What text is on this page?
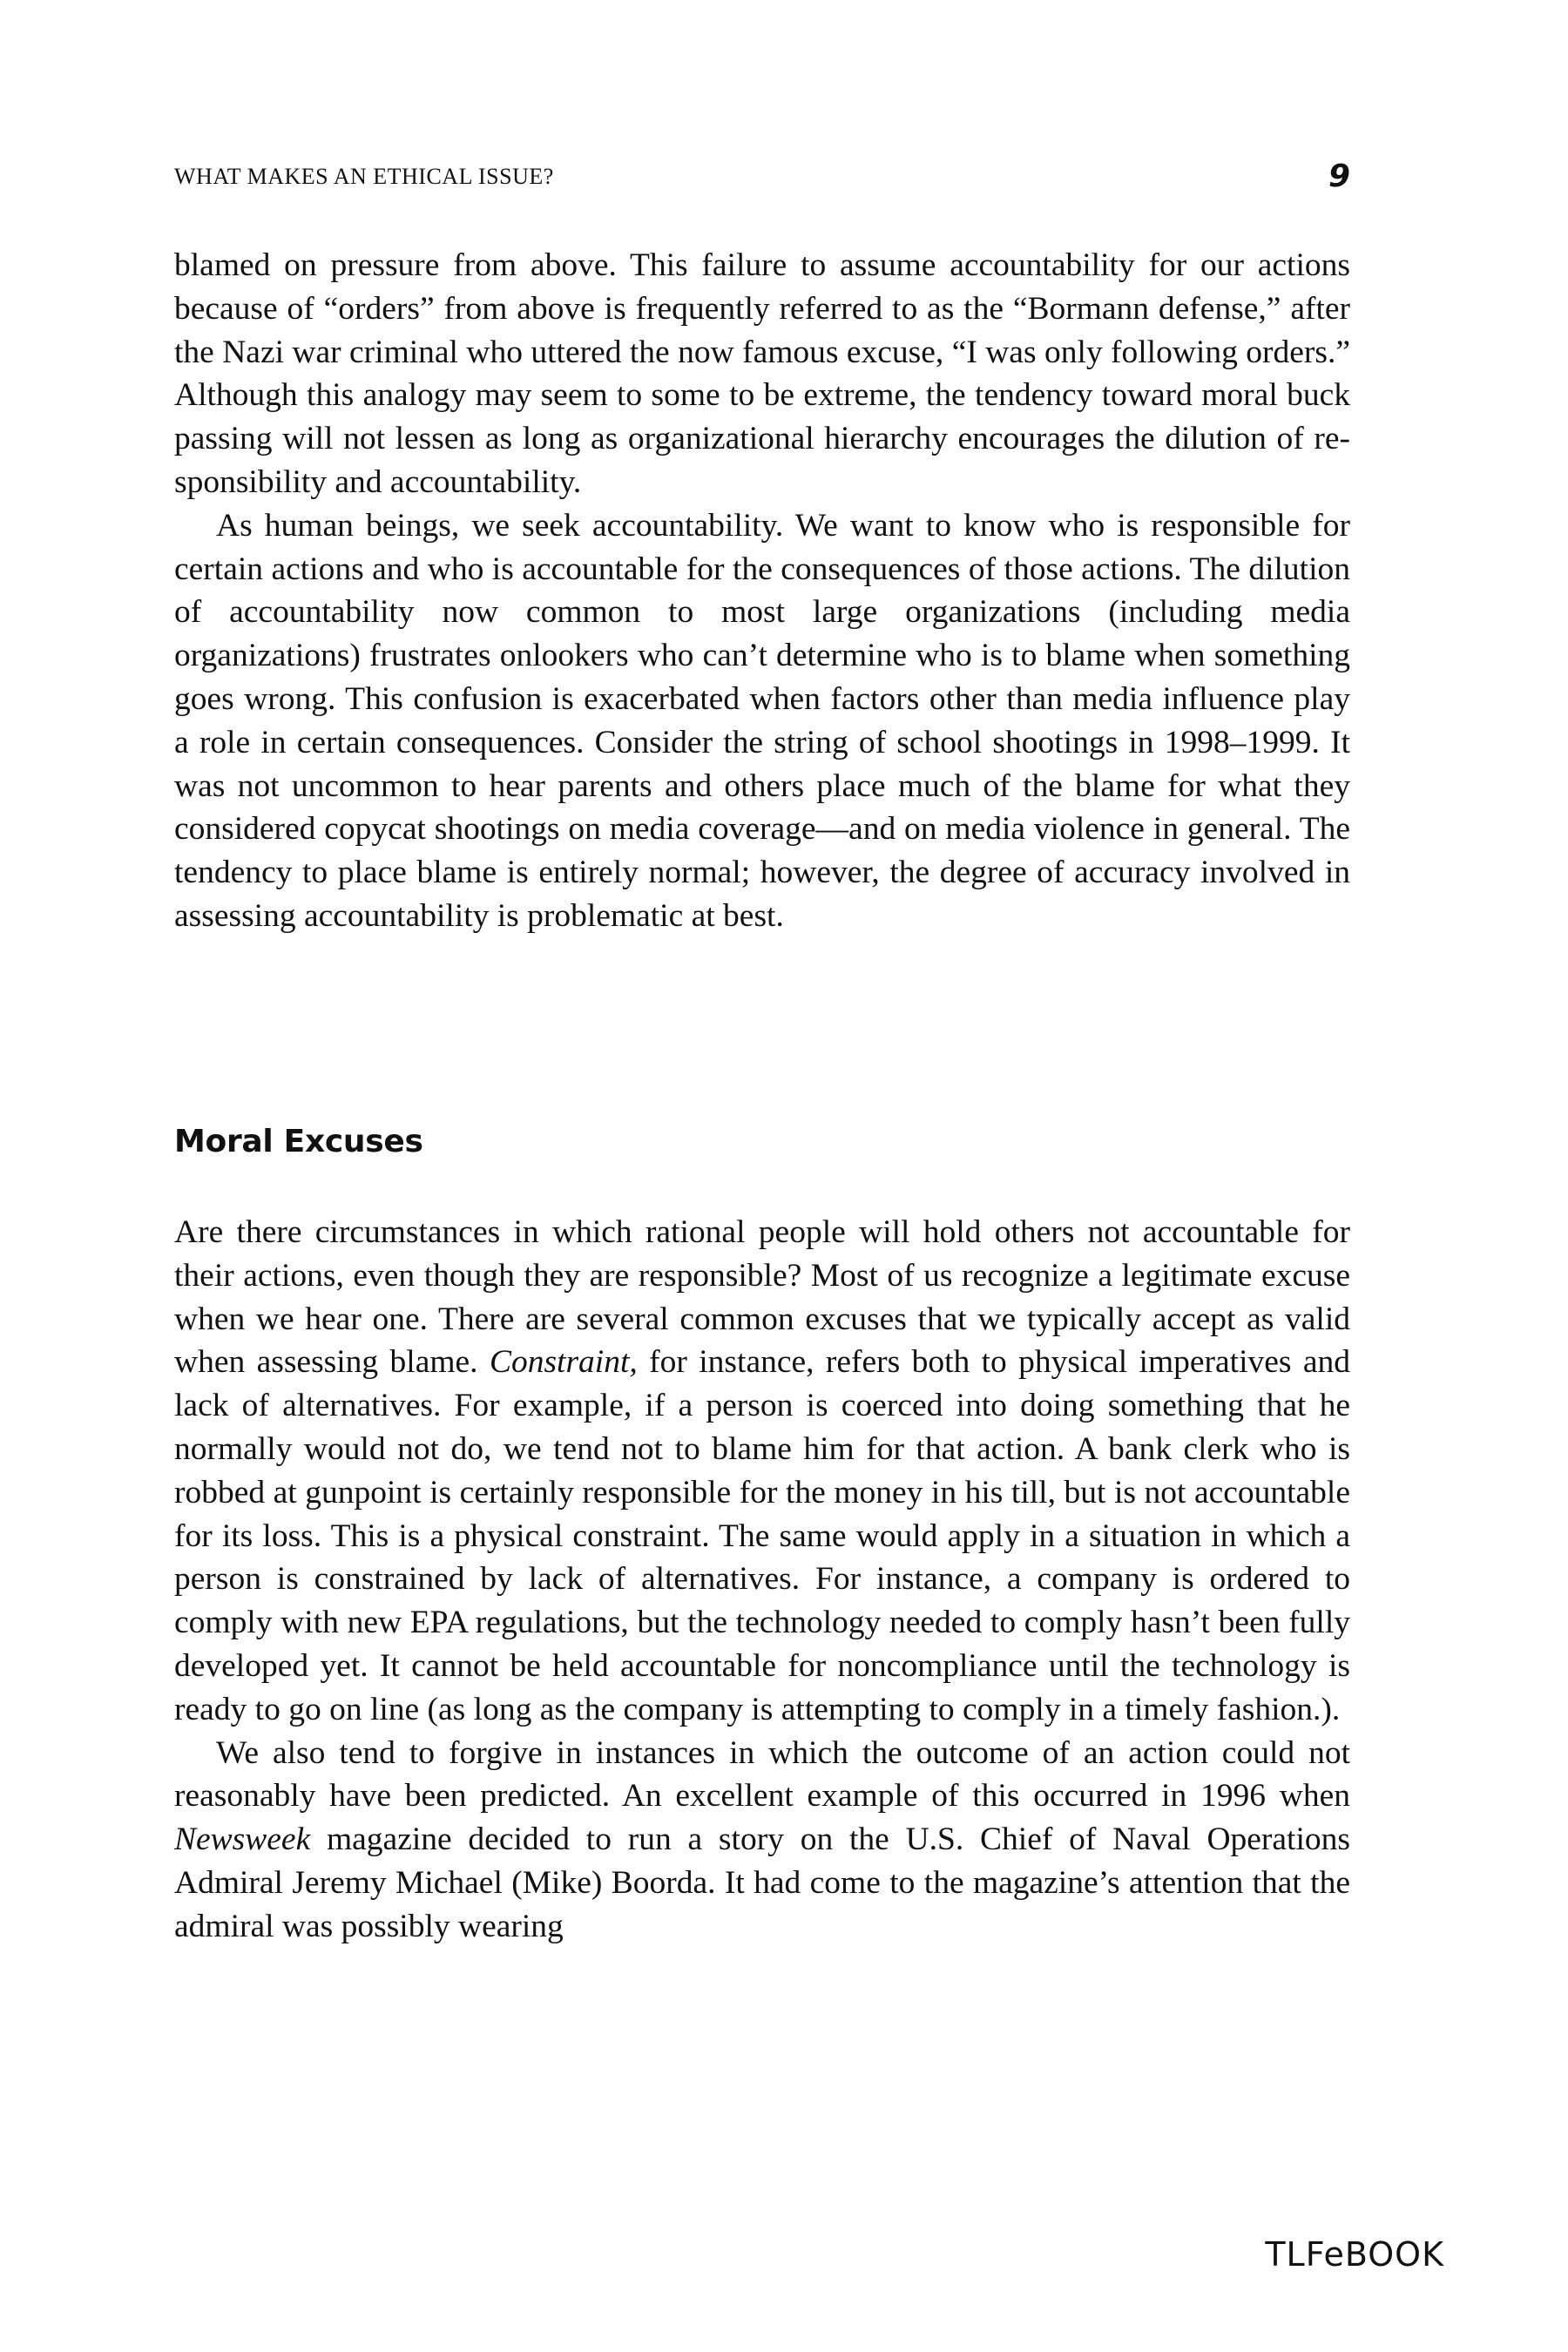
WHAT MAKES AN ETHICAL ISSUE?	9

blamed on pressure from above. This failure to assume accountability for our actions because of “orders” from above is frequently referred to as the “Bormann defense,” after the Nazi war criminal who uttered the now famous excuse, “I was only following orders.” Although this analogy may seem to some to be extreme, the tendency toward moral buck passing will not lessen as long as organizational hierarchy encourages the dilution of responsibility and accountability.

As human beings, we seek accountability. We want to know who is responsible for certain actions and who is accountable for the consequences of those actions. The dilution of accountability now common to most large organizations (including media organizations) frustrates onlookers who can’t determine who is to blame when something goes wrong. This confusion is exacerbated when factors other than media influence play a role in certain consequences. Consider the string of school shootings in 1998–1999. It was not uncommon to hear parents and others place much of the blame for what they considered copycat shootings on media coverage—and on media violence in general. The tendency to place blame is entirely normal; however, the degree of accuracy involved in assessing accountability is problematic at best.

Moral Excuses

Are there circumstances in which rational people will hold others not accountable for their actions, even though they are responsible? Most of us recognize a legitimate excuse when we hear one. There are several common excuses that we typically accept as valid when assessing blame. Constraint, for instance, refers both to physical imperatives and lack of alternatives. For example, if a person is coerced into doing something that he normally would not do, we tend not to blame him for that action. A bank clerk who is robbed at gunpoint is certainly responsible for the money in his till, but is not accountable for its loss. This is a physical constraint. The same would apply in a situation in which a person is constrained by lack of alternatives. For instance, a company is ordered to comply with new EPA regulations, but the technology needed to comply hasn’t been fully developed yet. It cannot be held accountable for noncompliance until the technology is ready to go on line (as long as the company is attempting to comply in a timely fashion.).

We also tend to forgive in instances in which the outcome of an action could not reasonably have been predicted. An excellent example of this occurred in 1996 when Newsweek magazine decided to run a story on the U.S. Chief of Naval Operations Admiral Jeremy Michael (Mike) Boorda. It had come to the magazine’s attention that the admiral was possibly wearing

TLFeBOOK
